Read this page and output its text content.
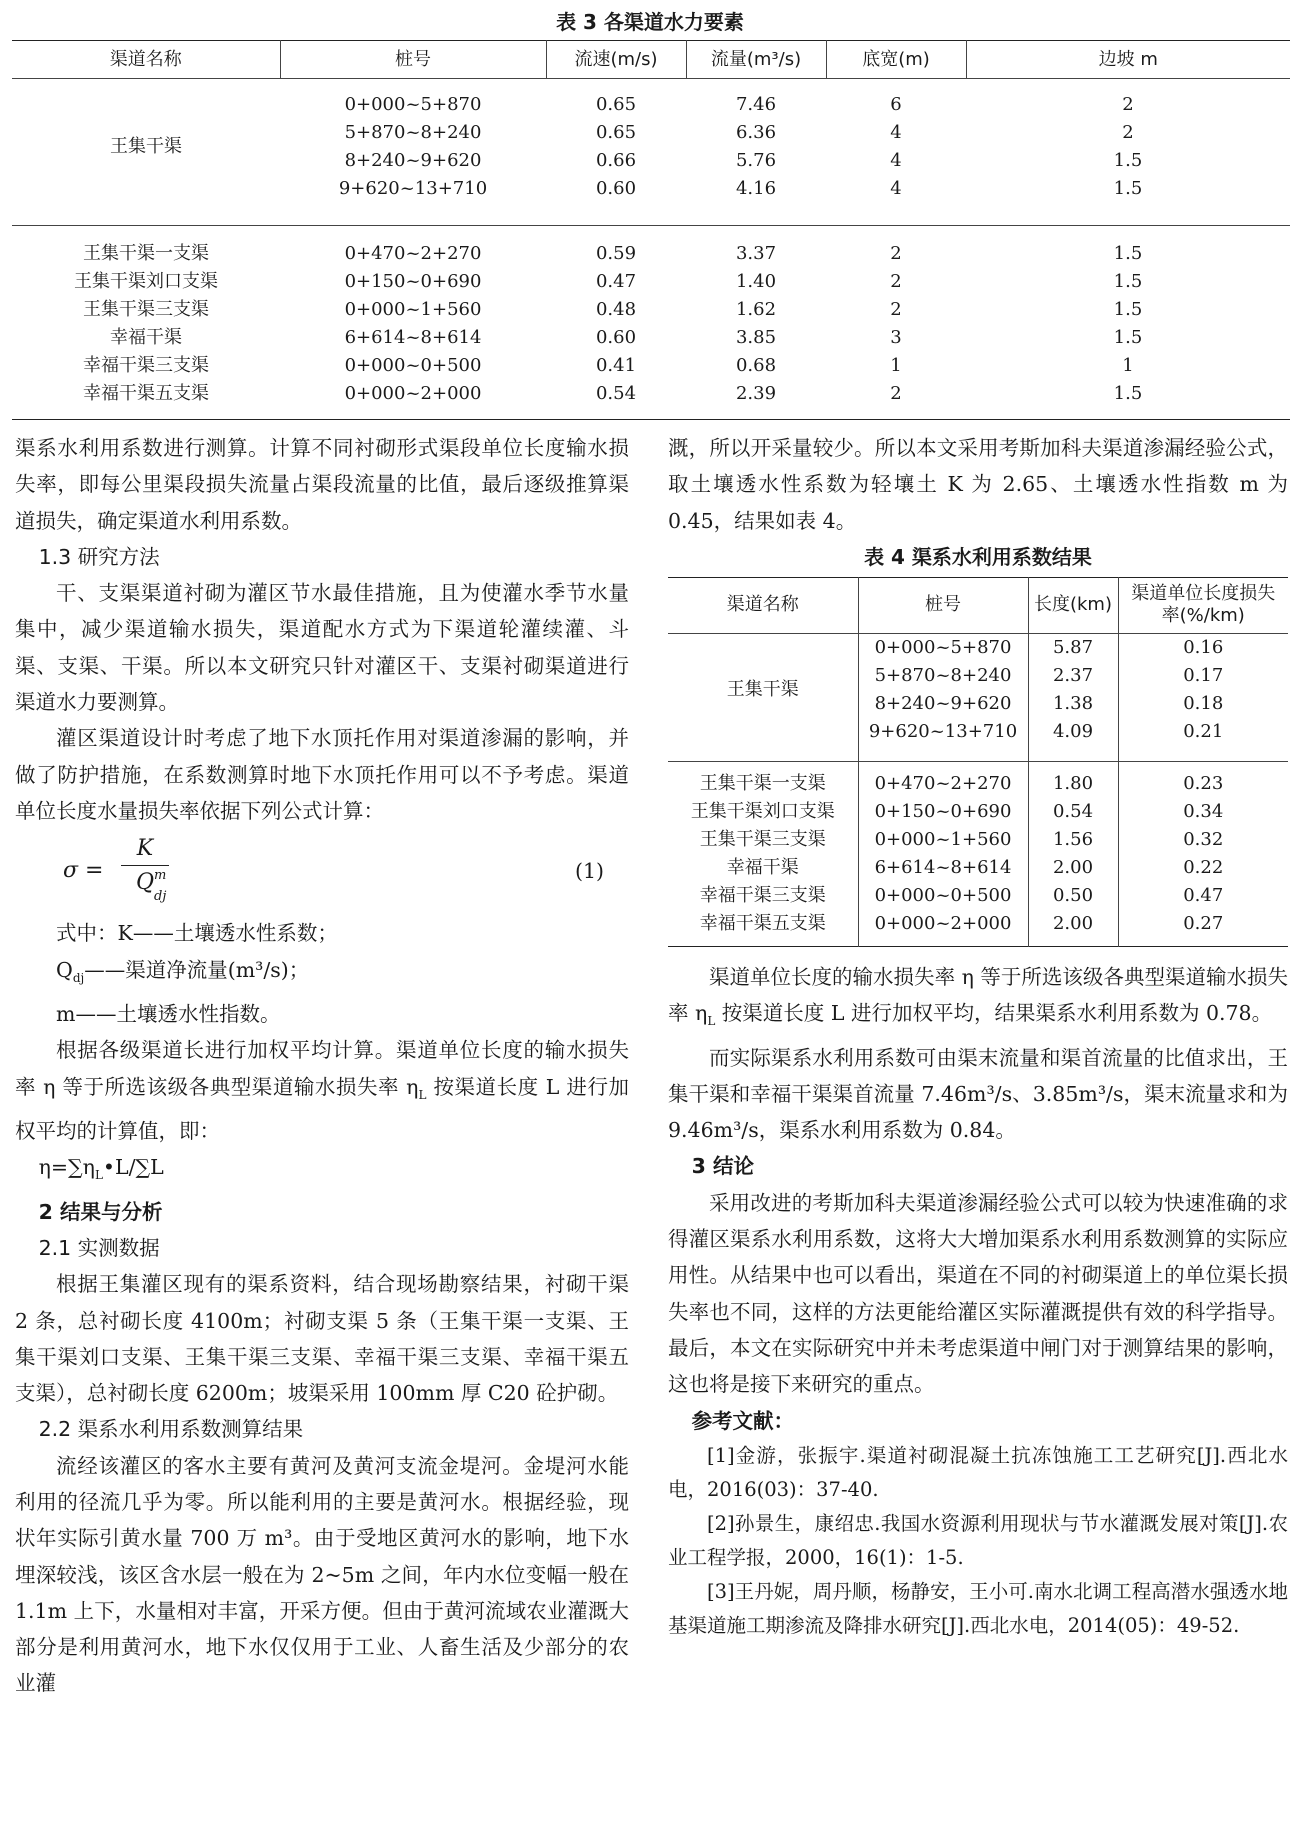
表 3 各渠道水力要素
渠道名称	桩号	流速(m/s)	流量(m³/s)	底宽(m)	边坡 m
王集干渠	0+000~5+870	0.65	7.46	6	2
	5+870~8+240	0.65	6.36	4	2
	8+240~9+620	0.66	5.76	4	1.5
	9+620~13+710	0.60	4.16	4	1.5

王集干渠一支渠	0+470~2+270	0.59	3.37	2	1.5
王集干渠刘口支渠	0+150~0+690	0.47	1.40	2	1.5
王集干渠三支渠	0+000~1+560	0.48	1.62	2	1.5
幸福干渠	6+614~8+614	0.60	3.85	3	1.5
幸福干渠三支渠	0+000~0+500	0.41	0.68	1	1
幸福干渠五支渠	0+000~2+000	0.54	2.39	2	1.5

渠系水利用系数进行测算。计算不同衬砌形式渠段单位长度输水损失率，即每公里渠段损失流量占渠段流量的比值，最后逐级推算渠道损失，确定渠道水利用系数。

1.3 研究方法

干、支渠渠道衬砌为灌区节水最佳措施，且为使灌水季节水量集中，减少渠道输水损失，渠道配水方式为下渠道轮灌续灌、斗渠、支渠、干渠。所以本文研究只针对灌区干、支渠衬砌渠道进行渠道水力要测算。

灌区渠道设计时考虑了地下水顶托作用对渠道渗漏的影响，并做了防护措施，在系数测算时地下水顶托作用可以不予考虑。渠道单位长度水量损失率依据下列公式计算：

σ =
K
Q m
dj
(1)

式中：K——土壤透水性系数；

$Q_{dj}——$渠道净流量(m³/s)；

m——土壤透水性指数。

根据各级渠道长进行加权平均计算。渠道单位长度的输水损失率 η 等于所选该级各典型渠道输水损失率 $\eta_L$ 按渠道长度 L 进行加权平均的计算值，即：

$\eta=\sum\eta_L•L/\sum L$

2 结果与分析

2.1 实测数据

根据王集灌区现有的渠系资料，结合现场勘察结果，衬砌干渠 2 条，总衬砌长度 4100m；衬砌支渠 5 条（王集干渠一支渠、王集干渠刘口支渠、王集干渠三支渠、幸福干渠三支渠、幸福干渠五支渠），总衬砌长度 6200m；坡渠采用 100mm 厚 C20 砼护砌。

2.2 渠系水利用系数测算结果

流经该灌区的客水主要有黄河及黄河支流金堤河。金堤河水能利用的径流几乎为零。所以能利用的主要是黄河水。根据经验，现状年实际引黄水量 700 万 m³。由于受地区黄河水的影响，地下水埋深较浅，该区含水层一般在为 2~5m 之间，年内水位变幅一般在 1.1m 上下，水量相对丰富，开采方便。但由于黄河流域农业灌溉大部分是利用黄河水，地下水仅仅用于工业、人畜生活及少部分的农业灌

溉，所以开采量较少。所以本文采用考斯加科夫渠道渗漏经验公式，取土壤透水性系数为轻壤土 K 为 2.65、土壤透水性指数 m 为 0.45，结果如表 4。

表 4 渠系水利用系数结果
渠道名称	桩号	长度(km)	渠道单位长度损失率(%/km)
王集干渠	0+000~5+870	5.87	0.16
	5+870~8+240	2.37	0.17
	8+240~9+620	1.38	0.18
	9+620~13+710	4.09	0.21

王集干渠一支渠	0+470~2+270	1.80	0.23
王集干渠刘口支渠	0+150~0+690	0.54	0.34
王集干渠三支渠	0+000~1+560	1.56	0.32
幸福干渠	6+614~8+614	2.00	0.22
幸福干渠三支渠	0+000~0+500	0.50	0.47
幸福干渠五支渠	0+000~2+000	2.00	0.27

渠道单位长度的输水损失率 η 等于所选该级各典型渠道输水损失率 $\eta_L$ 按渠道长度 L 进行加权平均，结果渠系水利用系数为 0.78。

而实际渠系水利用系数可由渠末流量和渠首流量的比值求出，王集干渠和幸福干渠渠首流量 7.46m³/s、3.85m³/s，渠末流量求和为 9.46m³/s，渠系水利用系数为 0.84。

3 结论

采用改进的考斯加科夫渠道渗漏经验公式可以较为快速准确的求得灌区渠系水利用系数，这将大大增加渠系水利用系数测算的实际应用性。从结果中也可以看出，渠道在不同的衬砌渠道上的单位渠长损失率也不同，这样的方法更能给灌区实际灌溉提供有效的科学指导。最后，本文在实际研究中并未考虑渠道中闸门对于测算结果的影响，这也将是接下来研究的重点。

参考文献：

[1]金游，张振宇.渠道衬砌混凝土抗冻蚀施工工艺研究[J].西北水电，2016(03)：37-40.

[2]孙景生，康绍忠.我国水资源利用现状与节水灌溉发展对策[J].农业工程学报，2000，16(1)：1-5.

[3]王丹妮，周丹顺，杨静安，王小可.南水北调工程高潜水强透水地基渠道施工期渗流及降排水研究[J].西北水电，2014(05)：49-52.
